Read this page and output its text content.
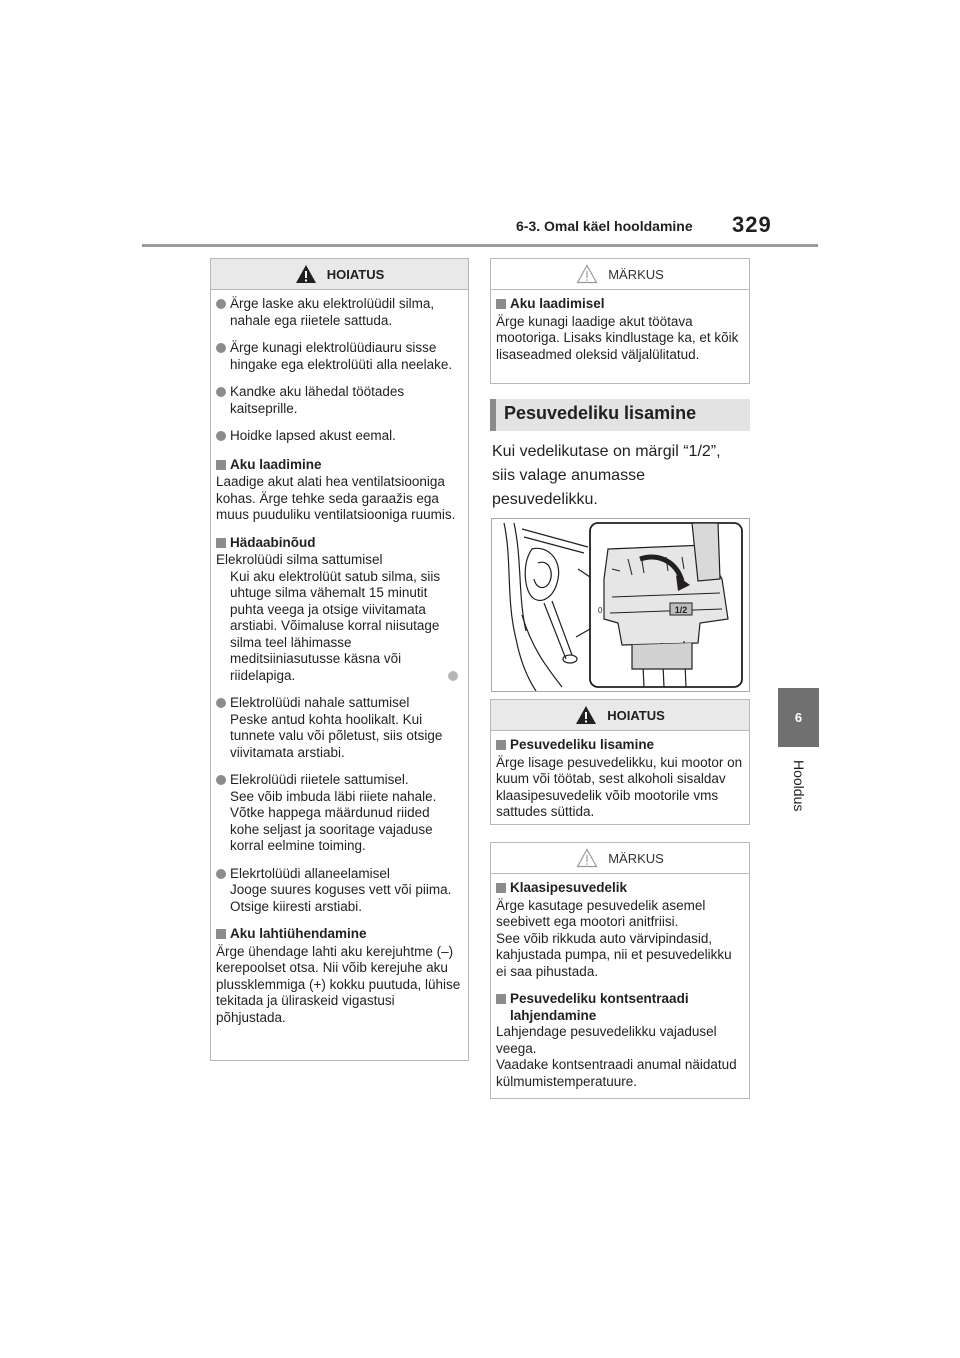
6-3. Omal käel hooldamine 329
6
Hooldus
HOIATUS
Ärge laske aku elektrolüüdil silma, nahale ega riietele sattuda.
Ärge kunagi elektrolüüdiauru sisse hingake ega elektrolüüti alla neelake.
Kandke aku lähedal töötades kaitseprille.
Hoidke lapsed akust eemal.
Aku laadimine
Laadige akut alati hea ventilatsiooniga kohas. Ärge tehke seda garaažis ega muus puuduliku ventilatsiooniga ruumis.
Hädaabinõud
Elekrolüüdi silma sattumisel
Kui aku elektrolüüt satub silma, siis uhtuge silma vähemalt 15 minutit puhta veega ja otsige viivitamata arstiabi. Võimaluse korral niisutage silma teel lähimasse meditsiiniasutusse käsna või riidelapiga.
Elektrolüüdi nahale sattumisel
Peske antud kohta hoolikalt. Kui tunnete valu või põletust, siis otsige viivitamata arstiabi.
Elekrolüüdi riietele sattumisel.
See võib imbuda läbi riiete nahale. Võtke happega määrdunud riided kohe seljast ja sooritage vajaduse korral eelmine toiming.
Elekrtolüüdi allaneelamisel
Jooge suures koguses vett või piima. Otsige kiiresti arstiabi.
Aku lahtiühendamine
Ärge ühendage lahti aku kerejuhtme (–) kerepoolset otsa. Nii võib kerejuhe aku plussklemmiga (+) kokku puutuda, lühise tekitada ja üliraskeid vigastusi põhjustada.
MÄRKUS
Aku laadimisel
Ärge kunagi laadige akut töötava mootoriga. Lisaks kindlustage ka, et kõik lisaseadmed oleksid väljalülitatud.
Pesuvedeliku lisamine
Kui vedelikutase on märgil “1/2”,
siis valage anumasse
pesuvedelikku.
1/2
0
HOIATUS
Pesuvedeliku lisamine
Ärge lisage pesuvedelikku, kui mootor on kuum või töötab, sest alkoholi sisaldav klaasipesuvedelik võib mootorile vms sattudes süttida.
MÄRKUS
Klaasipesuvedelik
Ärge kasutage pesuvedelik asemel seebivett ega mootori anitfriisi.
See võib rikkuda auto värvipindasid, kahjustada pumpa, nii et pesuvedelikku ei saa pihustada.
Pesuvedeliku kontsentraadi lahjendamine
Lahjendage pesuvedelikku vajadusel veega.
Vaadake kontsentraadi anumal näidatud külmumistemperatuure.
